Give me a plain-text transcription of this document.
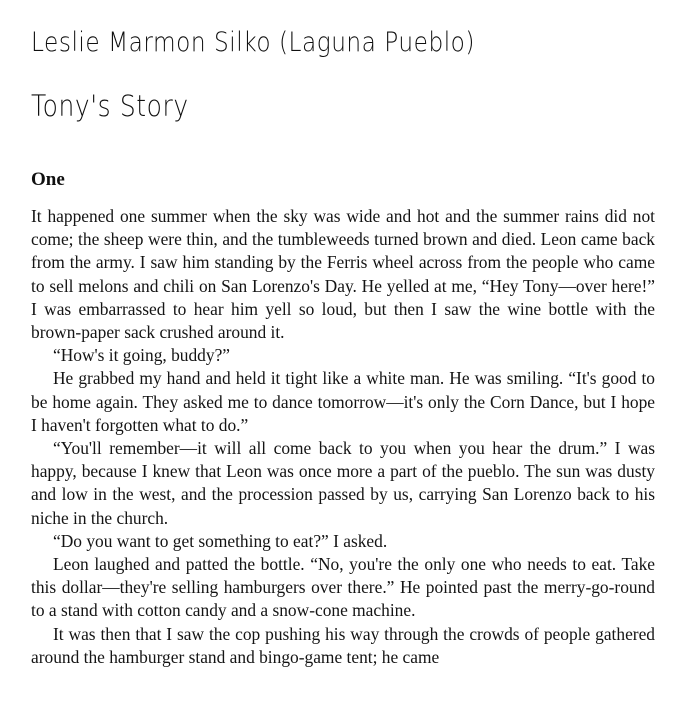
Leslie Marmon Silko (Laguna Pueblo)
Tony's Story
One

It happened one summer when the sky was wide and hot and the summer rains did not come; the sheep were thin, and the tumbleweeds turned brown and died. Leon came back from the army. I saw him standing by the Ferris wheel across from the people who came to sell melons and chili on San Lorenzo's Day. He yelled at me, “Hey Tony—over here!” I was embarrassed to hear him yell so loud, but then I saw the wine bottle with the brown-paper sack crushed around it.

“How's it going, buddy?”

He grabbed my hand and held it tight like a white man. He was smiling. “It's good to be home again. They asked me to dance tomorrow—it's only the Corn Dance, but I hope I haven't forgotten what to do.”

“You'll remember—it will all come back to you when you hear the drum.” I was happy, because I knew that Leon was once more a part of the pueblo. The sun was dusty and low in the west, and the procession passed by us, carrying San Lorenzo back to his niche in the church.

“Do you want to get something to eat?” I asked.

Leon laughed and patted the bottle. “No, you're the only one who needs to eat. Take this dollar—they're selling hamburgers over there.” He pointed past the merry-go-round to a stand with cotton candy and a snow-cone machine.

It was then that I saw the cop pushing his way through the crowds of people gathered around the hamburger stand and bingo-game tent; he came
